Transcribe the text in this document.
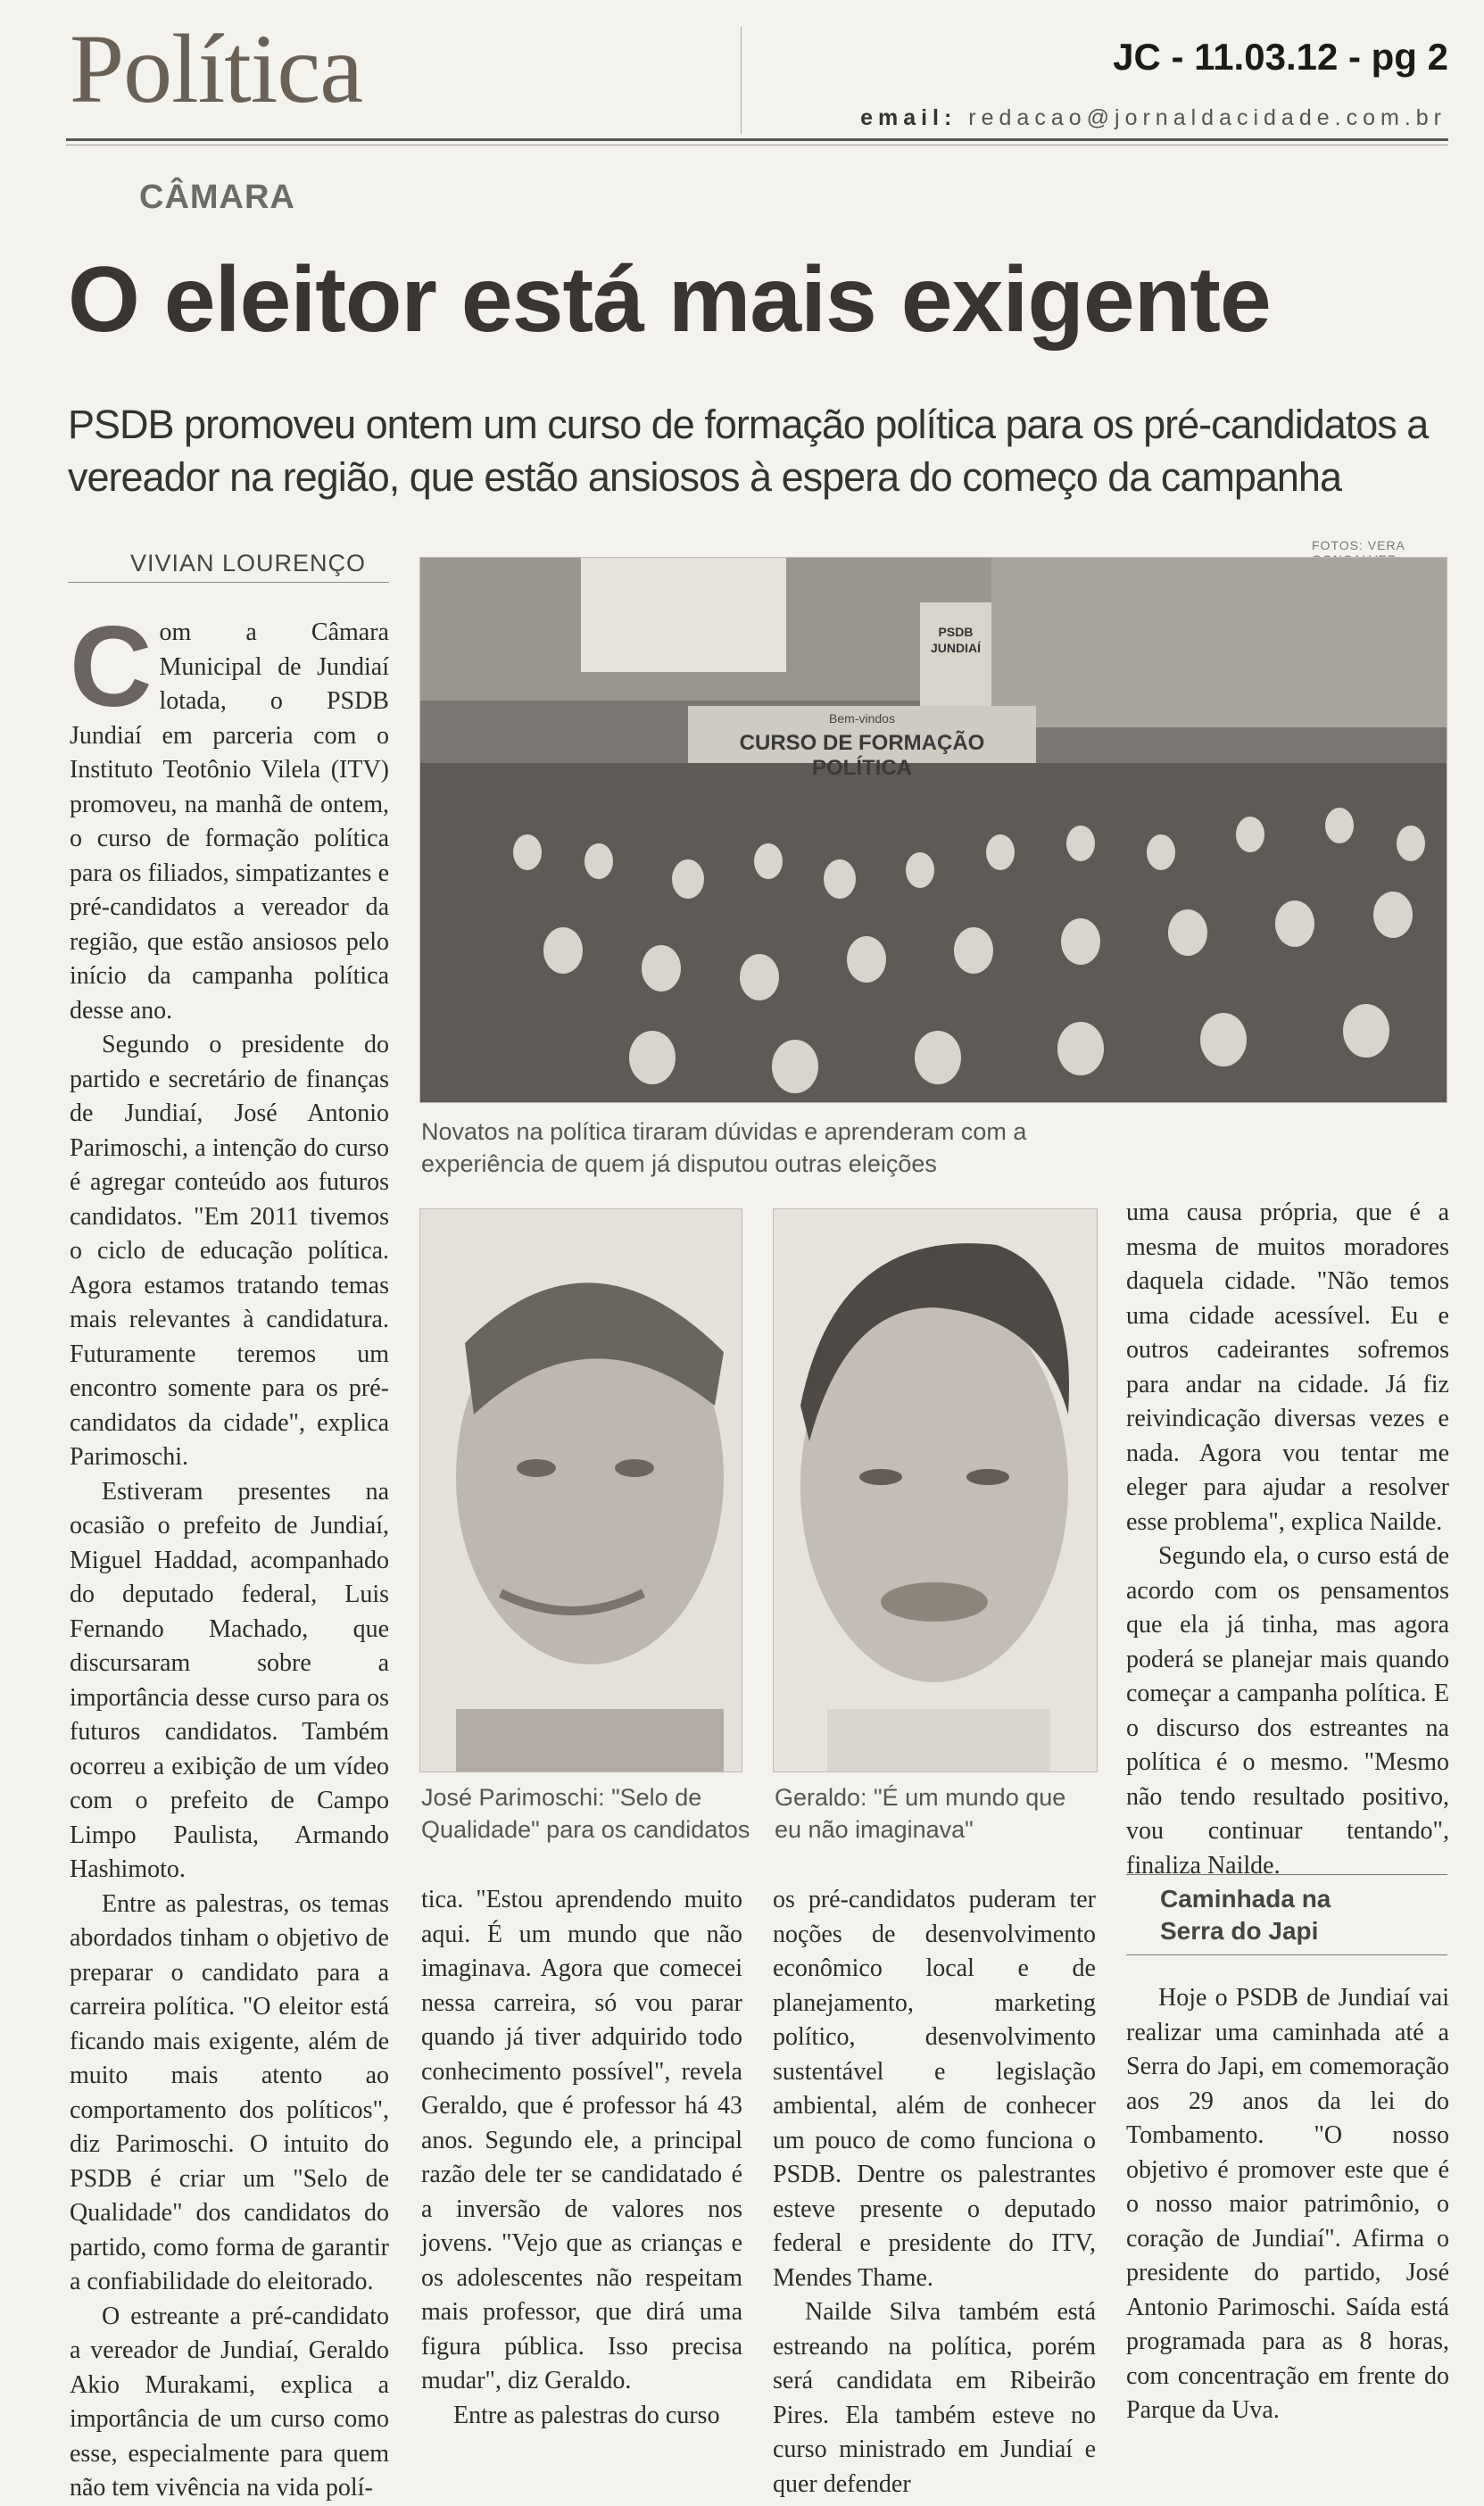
Política	JC - 11.03.12 - pg 2
email: redacao@jornaldacidade.com.br
CÂMARA
O eleitor está mais exigente

PSDB promoveu ontem um curso de formação política para os pré-candidatos a vereador na região, que estão ansiosos à espera do começo da campanha

VIVIAN LOURENÇO
FOTOS: VERA
Bem-vindos
CURSO DE FORMAÇÃO POLÍTICA
PSDB JUNDIAÍ
Novatos na política tiraram dúvidas e aprenderam com a experiência de quem já disputou outras eleições
José Parimoschi: "Selo de Qualidade" para os candidatos
Geraldo: "É um mundo que eu não imaginava"
C om a Câmara Municipal de Jundiaí lotada, o PSDB Jundiaí em parceria com o Instituto Teotônio Vilela (ITV) promoveu, na manhã de ontem, o curso de formação política para os filiados, simpatizantes e pré-candidatos a vereador da região, que estão ansiosos pelo início da campanha política desse ano.

Segundo o presidente do partido e secretário de finanças de Jundiaí, José Antonio Parimoschi, a intenção do curso é agregar conteúdo aos futuros candidatos. "Em 2011 tivemos o ciclo de educação política. Agora estamos tratando temas mais relevantes à candidatura. Futuramente teremos um encontro somente para os pré-candidatos da cidade", explica Parimoschi.

Estiveram presentes na ocasião o prefeito de Jundiaí, Miguel Haddad, acompanhado do deputado federal, Luis Fernando Machado, que discursaram sobre a importância desse curso para os futuros candidatos. Também ocorreu a exibição de um vídeo com o prefeito de Campo Limpo Paulista, Armando Hashimoto.

Entre as palestras, os temas abordados tinham o objetivo de preparar o candidato para a carreira política. "O eleitor está ficando mais exigente, além de muito mais atento ao comportamento dos políticos", diz Parimoschi. O intuito do PSDB é criar um "Selo de Qualidade" dos candidatos do partido, como forma de garantir a confiabilidade do eleitorado.

O estreante a pré-candidato a vereador de Jundiaí, Geraldo Akio Murakami, explica a importância de um curso como esse, especialmente para quem não tem vivência na vida polí-

tica. "Estou aprendendo muito aqui. É um mundo que não imaginava. Agora que comecei nessa carreira, só vou parar quando já tiver adquirido todo conhecimento possível", revela Geraldo, que é professor há 43 anos. Segundo ele, a principal razão dele ter se candidatado é a inversão de valores nos jovens. "Vejo que as crianças e os adolescentes não respeitam mais professor, que dirá uma figura pública. Isso precisa mudar", diz Geraldo.

Entre as palestras do curso

os pré-candidatos puderam ter noções de desenvolvimento econômico local e de planejamento, marketing político, desenvolvimento sustentável e legislação ambiental, além de conhecer um pouco de como funciona o PSDB. Dentre os palestrantes esteve presente o deputado federal e presidente do ITV, Mendes Thame.

Nailde Silva também está estreando na política, porém será candidata em Ribeirão Pires. Ela também esteve no curso ministrado em Jundiaí e quer defender

uma causa própria, que é a mesma de muitos moradores daquela cidade. "Não temos uma cidade acessível. Eu e outros cadeirantes sofremos para andar na cidade. Já fiz reivindicação diversas vezes e nada. Agora vou tentar me eleger para ajudar a resolver esse problema", explica Nailde.

Segundo ela, o curso está de acordo com os pensamentos que ela já tinha, mas agora poderá se planejar mais quando começar a campanha política. E o discurso dos estreantes na política é o mesmo. "Mesmo não tendo resultado positivo, vou continuar tentando", finaliza Nailde.

Caminhada na Serra do Japi

Hoje o PSDB de Jundiaí vai realizar uma caminhada até a Serra do Japi, em comemoração aos 29 anos da lei do Tombamento. "O nosso objetivo é promover este que é o nosso maior patrimônio, o coração de Jundiaí". Afirma o presidente do partido, José Antonio Parimoschi. Saída está programada para as 8 horas, com concentração em frente do Parque da Uva.
